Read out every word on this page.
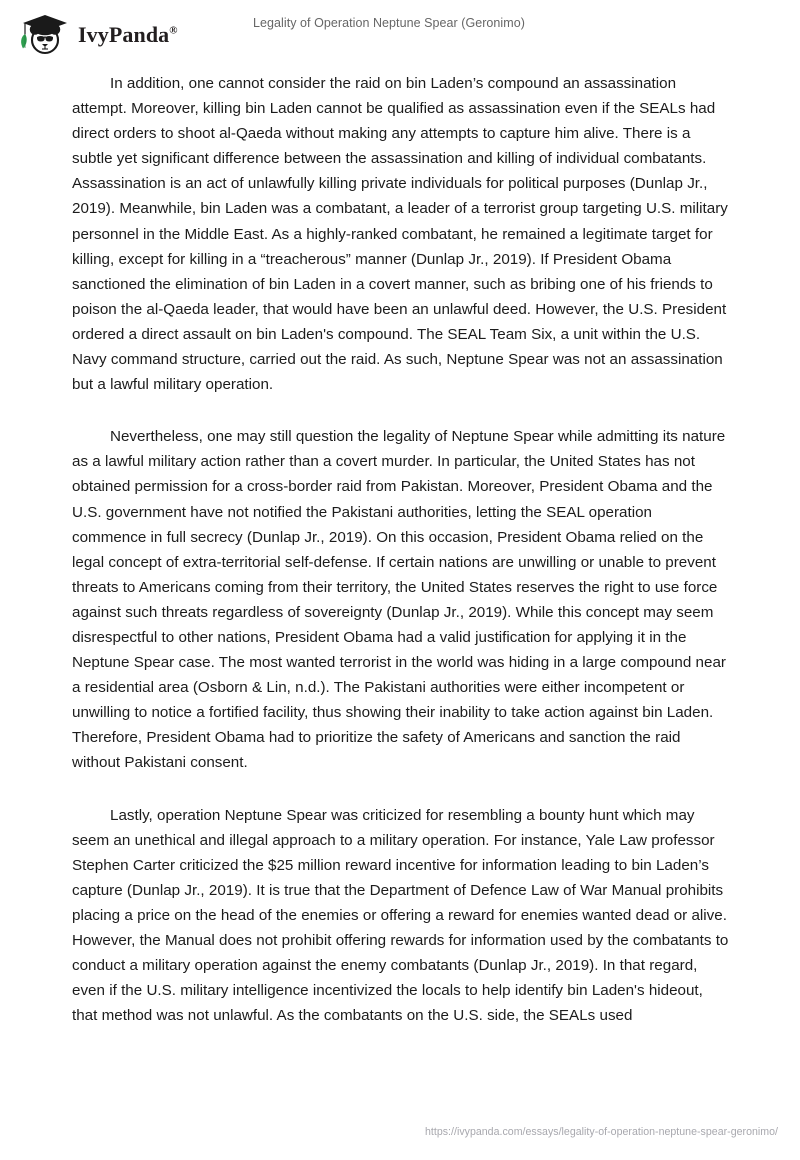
IvyPanda®
Legality of Operation Neptune Spear (Geronimo)

In addition, one cannot consider the raid on bin Laden’s compound an assassination attempt. Moreover, killing bin Laden cannot be qualified as assassination even if the SEALs had direct orders to shoot al-Qaeda without making any attempts to capture him alive. There is a subtle yet significant difference between the assassination and killing of individual combatants. Assassination is an act of unlawfully killing private individuals for political purposes (Dunlap Jr., 2019). Meanwhile, bin Laden was a combatant, a leader of a terrorist group targeting U.S. military personnel in the Middle East. As a highly-ranked combatant, he remained a legitimate target for killing, except for killing in a “treacherous” manner (Dunlap Jr., 2019). If President Obama sanctioned the elimination of bin Laden in a covert manner, such as bribing one of his friends to poison the al-Qaeda leader, that would have been an unlawful deed. However, the U.S. President ordered a direct assault on bin Laden's compound. The SEAL Team Six, a unit within the U.S. Navy command structure, carried out the raid. As such, Neptune Spear was not an assassination but a lawful military operation.

Nevertheless, one may still question the legality of Neptune Spear while admitting its nature as a lawful military action rather than a covert murder. In particular, the United States has not obtained permission for a cross-border raid from Pakistan. Moreover, President Obama and the U.S. government have not notified the Pakistani authorities, letting the SEAL operation commence in full secrecy (Dunlap Jr., 2019). On this occasion, President Obama relied on the legal concept of extra-territorial self-defense. If certain nations are unwilling or unable to prevent threats to Americans coming from their territory, the United States reserves the right to use force against such threats regardless of sovereignty (Dunlap Jr., 2019). While this concept may seem disrespectful to other nations, President Obama had a valid justification for applying it in the Neptune Spear case. The most wanted terrorist in the world was hiding in a large compound near a residential area (Osborn & Lin, n.d.). The Pakistani authorities were either incompetent or unwilling to notice a fortified facility, thus showing their inability to take action against bin Laden. Therefore, President Obama had to prioritize the safety of Americans and sanction the raid without Pakistani consent.

Lastly, operation Neptune Spear was criticized for resembling a bounty hunt which may seem an unethical and illegal approach to a military operation. For instance, Yale Law professor Stephen Carter criticized the $25 million reward incentive for information leading to bin Laden’s capture (Dunlap Jr., 2019). It is true that the Department of Defence Law of War Manual prohibits placing a price on the head of the enemies or offering a reward for enemies wanted dead or alive. However, the Manual does not prohibit offering rewards for information used by the combatants to conduct a military operation against the enemy combatants (Dunlap Jr., 2019). In that regard, even if the U.S. military intelligence incentivized the locals to help identify bin Laden's hideout, that method was not unlawful. As the combatants on the U.S. side, the SEALs used

https://ivypanda.com/essays/legality-of-operation-neptune-spear-geronimo/
